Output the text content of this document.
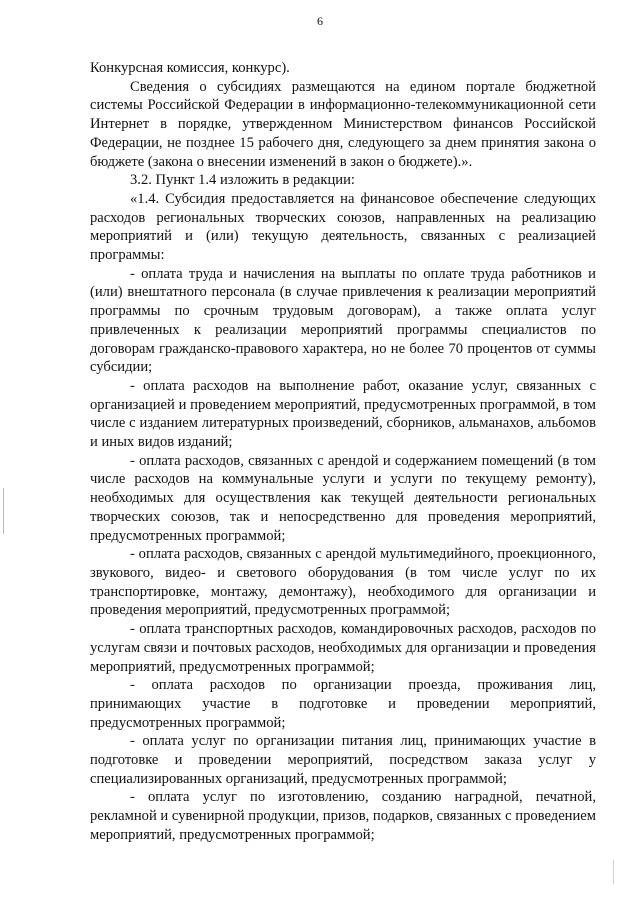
6

Конкурсная комиссия, конкурс).

Сведения о субсидиях размещаются на едином портале бюджетной системы Российской Федерации в информационно-телекоммуникационной сети Интернет в порядке, утвержденном Министерством финансов Российской Федерации, не позднее 15 рабочего дня, следующего за днем принятия закона о бюджете (закона о внесении изменений в закон о бюджете).».

3.2. Пункт 1.4 изложить в редакции:

«1.4. Субсидия предоставляется на финансовое обеспечение следующих расходов региональных творческих союзов, направленных на реализацию мероприятий и (или) текущую деятельность, связанных с реализацией программы:

- оплата труда и начисления на выплаты по оплате труда работников и (или) внештатного персонала (в случае привлечения к реализации мероприятий программы по срочным трудовым договорам), а также оплата услуг привлеченных к реализации мероприятий программы специалистов по договорам гражданско-правового характера, но не более 70 процентов от суммы субсидии;

- оплата расходов на выполнение работ, оказание услуг, связанных с организацией и проведением мероприятий, предусмотренных программой, в том числе с изданием литературных произведений, сборников, альманахов, альбомов и иных видов изданий;

- оплата расходов, связанных с арендой и содержанием помещений (в том числе расходов на коммунальные услуги и услуги по текущему ремонту), необходимых для осуществления как текущей деятельности региональных творческих союзов, так и непосредственно для проведения мероприятий, предусмотренных программой;

- оплата расходов, связанных с арендой мультимедийного, проекционного, звукового, видео- и светового оборудования (в том числе услуг по их транспортировке, монтажу, демонтажу), необходимого для организации и проведения мероприятий, предусмотренных программой;

- оплата транспортных расходов, командировочных расходов, расходов по услугам связи и почтовых расходов, необходимых для организации и проведения мероприятий, предусмотренных программой;

- оплата расходов по организации проезда, проживания лиц, принимающих участие в подготовке и проведении мероприятий, предусмотренных программой;

- оплата услуг по организации питания лиц, принимающих участие в подготовке и проведении мероприятий, посредством заказа услуг у специализированных организаций, предусмотренных программой;

- оплата услуг по изготовлению, созданию наградной, печатной, рекламной и сувенирной продукции, призов, подарков, связанных с проведением мероприятий, предусмотренных программой;
